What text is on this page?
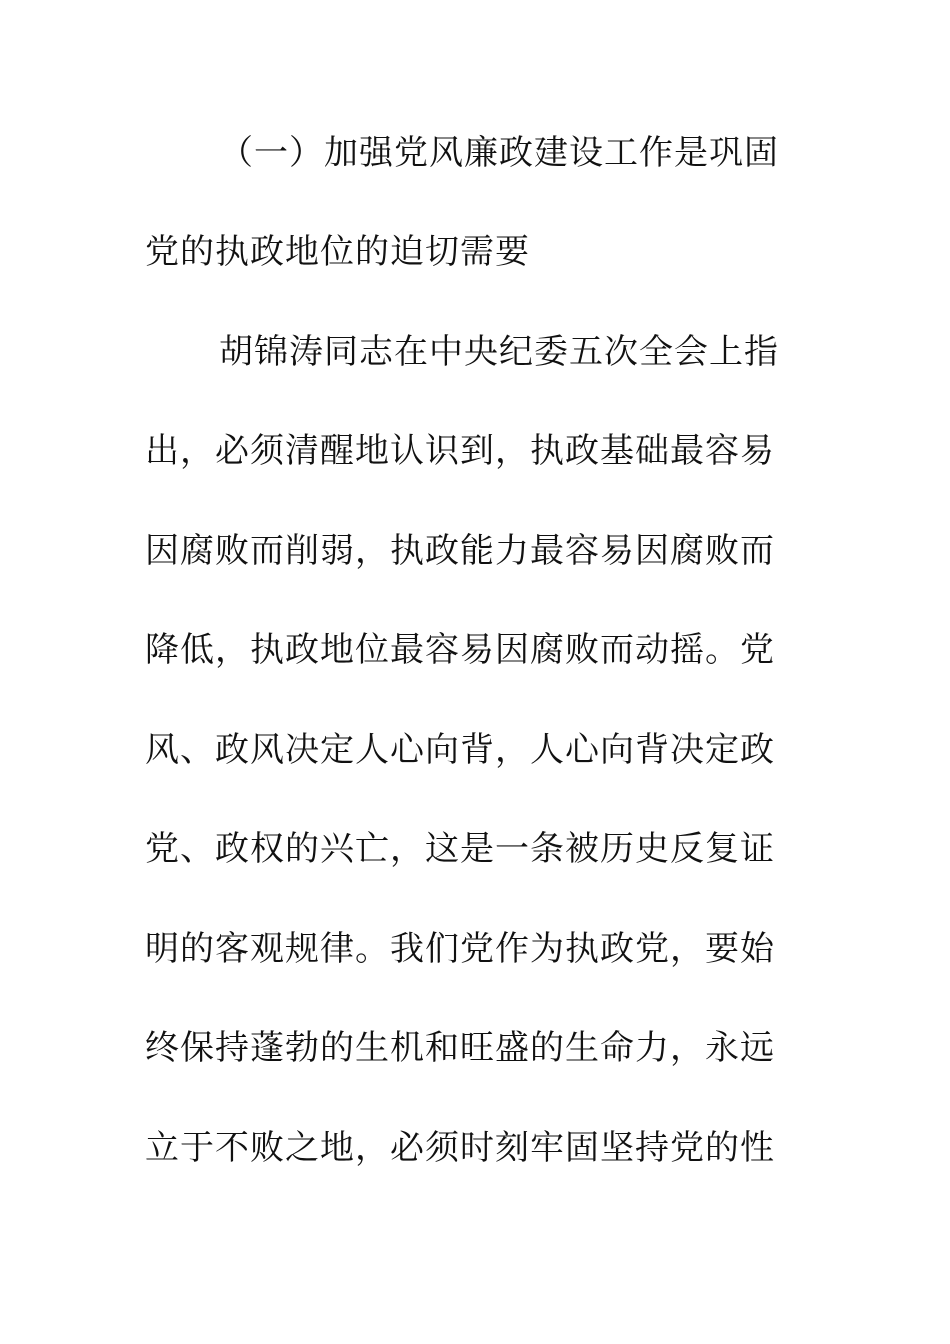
（一）加强党风廉政建设工作是巩固
党的执政地位的迫切需要
胡锦涛同志在中央纪委五次全会上指
出，必须清醒地认识到，执政基础最容易
因腐败而削弱，执政能力最容易因腐败而
降低，执政地位最容易因腐败而动摇。党
风、政风决定人心向背，人心向背决定政
党、政权的兴亡，这是一条被历史反复证
明的客观规律。我们党作为执政党，要始
终保持蓬勃的生机和旺盛的生命力，永远
立于不败之地，必须时刻牢固坚持党的性
